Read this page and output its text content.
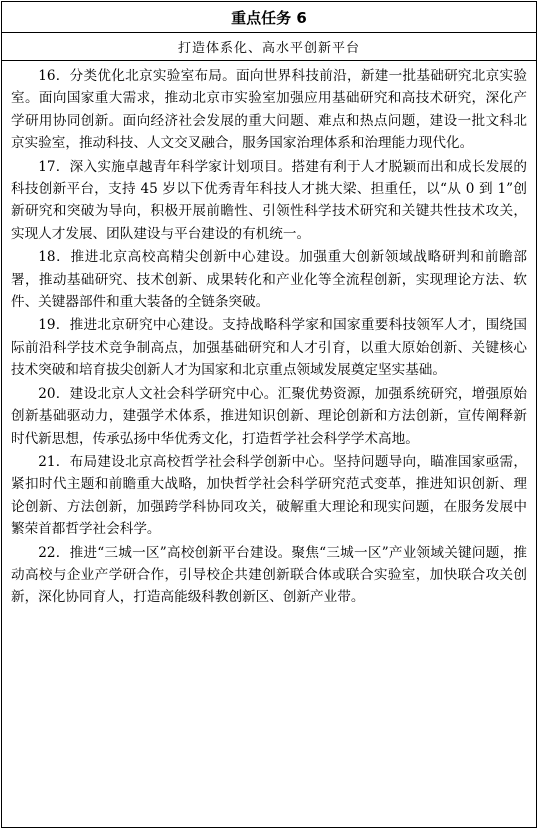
重点任务 6
打造体系化、高水平创新平台

16．分类优化北京实验室布局。面向世界科技前沿，新建一批基础研究北京实验室。面向国家重大需求，推动北京市实验室加强应用基础研究和高技术研究，深化产学研用协同创新。面向经济社会发展的重大问题、难点和热点问题，建设一批文科北京实验室，推动科技、人文交叉融合，服务国家治理体系和治理能力现代化。

17．深入实施卓越青年科学家计划项目。搭建有利于人才脱颖而出和成长发展的科技创新平台，支持 45 岁以下优秀青年科技人才挑大梁、担重任，以“从 0 到 1”创新研究和突破为导向，积极开展前瞻性、引领性科学技术研究和关键共性技术攻关，实现人才发展、团队建设与平台建设的有机统一。

18．推进北京高校高精尖创新中心建设。加强重大创新领域战略研判和前瞻部署，推动基础研究、技术创新、成果转化和产业化等全流程创新，实现理论方法、软件、关键器部件和重大装备的全链条突破。

19．推进北京研究中心建设。支持战略科学家和国家重要科技领军人才，围绕国际前沿科学技术竞争制高点，加强基础研究和人才引育，以重大原始创新、关键核心技术突破和培育拔尖创新人才为国家和北京重点领域发展奠定坚实基础。

20．建设北京人文社会科学研究中心。汇聚优势资源，加强系统研究，增强原始创新基础驱动力，建强学术体系，推进知识创新、理论创新和方法创新，宣传阐释新时代新思想，传承弘扬中华优秀文化，打造哲学社会科学学术高地。

21．布局建设北京高校哲学社会科学创新中心。坚持问题导向，瞄准国家亟需，紧扣时代主题和前瞻重大战略，加快哲学社会科学研究范式变革，推进知识创新、理论创新、方法创新，加强跨学科协同攻关，破解重大理论和现实问题，在服务发展中繁荣首都哲学社会科学。

22．推进“三城一区”高校创新平台建设。聚焦“三城一区”产业领域关键问题，推动高校与企业产学研合作，引导校企共建创新联合体或联合实验室，加快联合攻关创新，深化协同育人，打造高能级科教创新区、创新产业带。
